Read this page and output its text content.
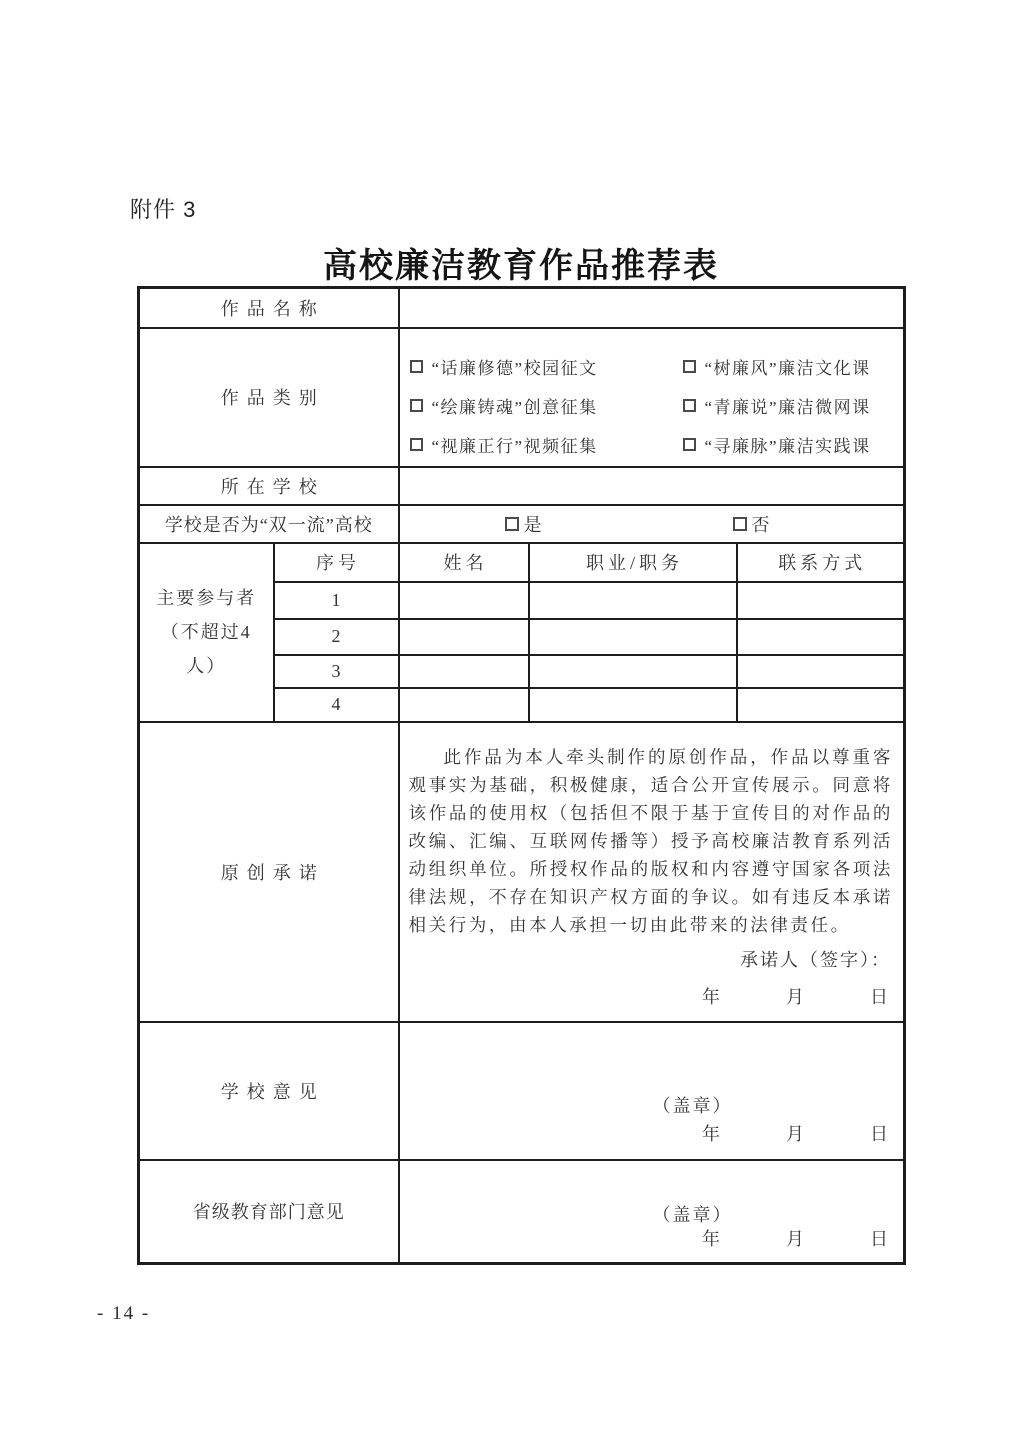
附件 3
高校廉洁教育作品推荐表
作品名称				
作品类别	
“话廉修德”校园征文	“树廉风”廉洁文化课
“绘廉铸魂”创意征集	“青廉说”廉洁微网课
“视廉正行”视频征集	“寻廉脉”廉洁实践课

所在学校				
学校是否为“双一流”高校		是 否		

主要参与者（不超过4人）	序号	姓名	职业/职务	联系方式
	1			
	2			
	3			
	4			
原创承诺		此作品为本人牵头制作的原创作品，作品以尊重客观事实为基础，积极健康，适合公开宣传展示。同意将该作品的使用权（包括但不限于基于宣传目的对作品的改编、汇编、互联网传播等）授予高校廉洁教育系列活动组织单位。所授权作品的版权和内容遵守国家各项法律法规，不存在知识产权方面的争议。如有违反本承诺相关行为，由本人承担一切由此带来的法律责任。
承诺人（签字）：
年　　　月　　　日		

学校意见		（盖章）
年　　　月　　　日		

省级教育部门意见		（盖章）
年　　　月　　　日		
- 14 -
